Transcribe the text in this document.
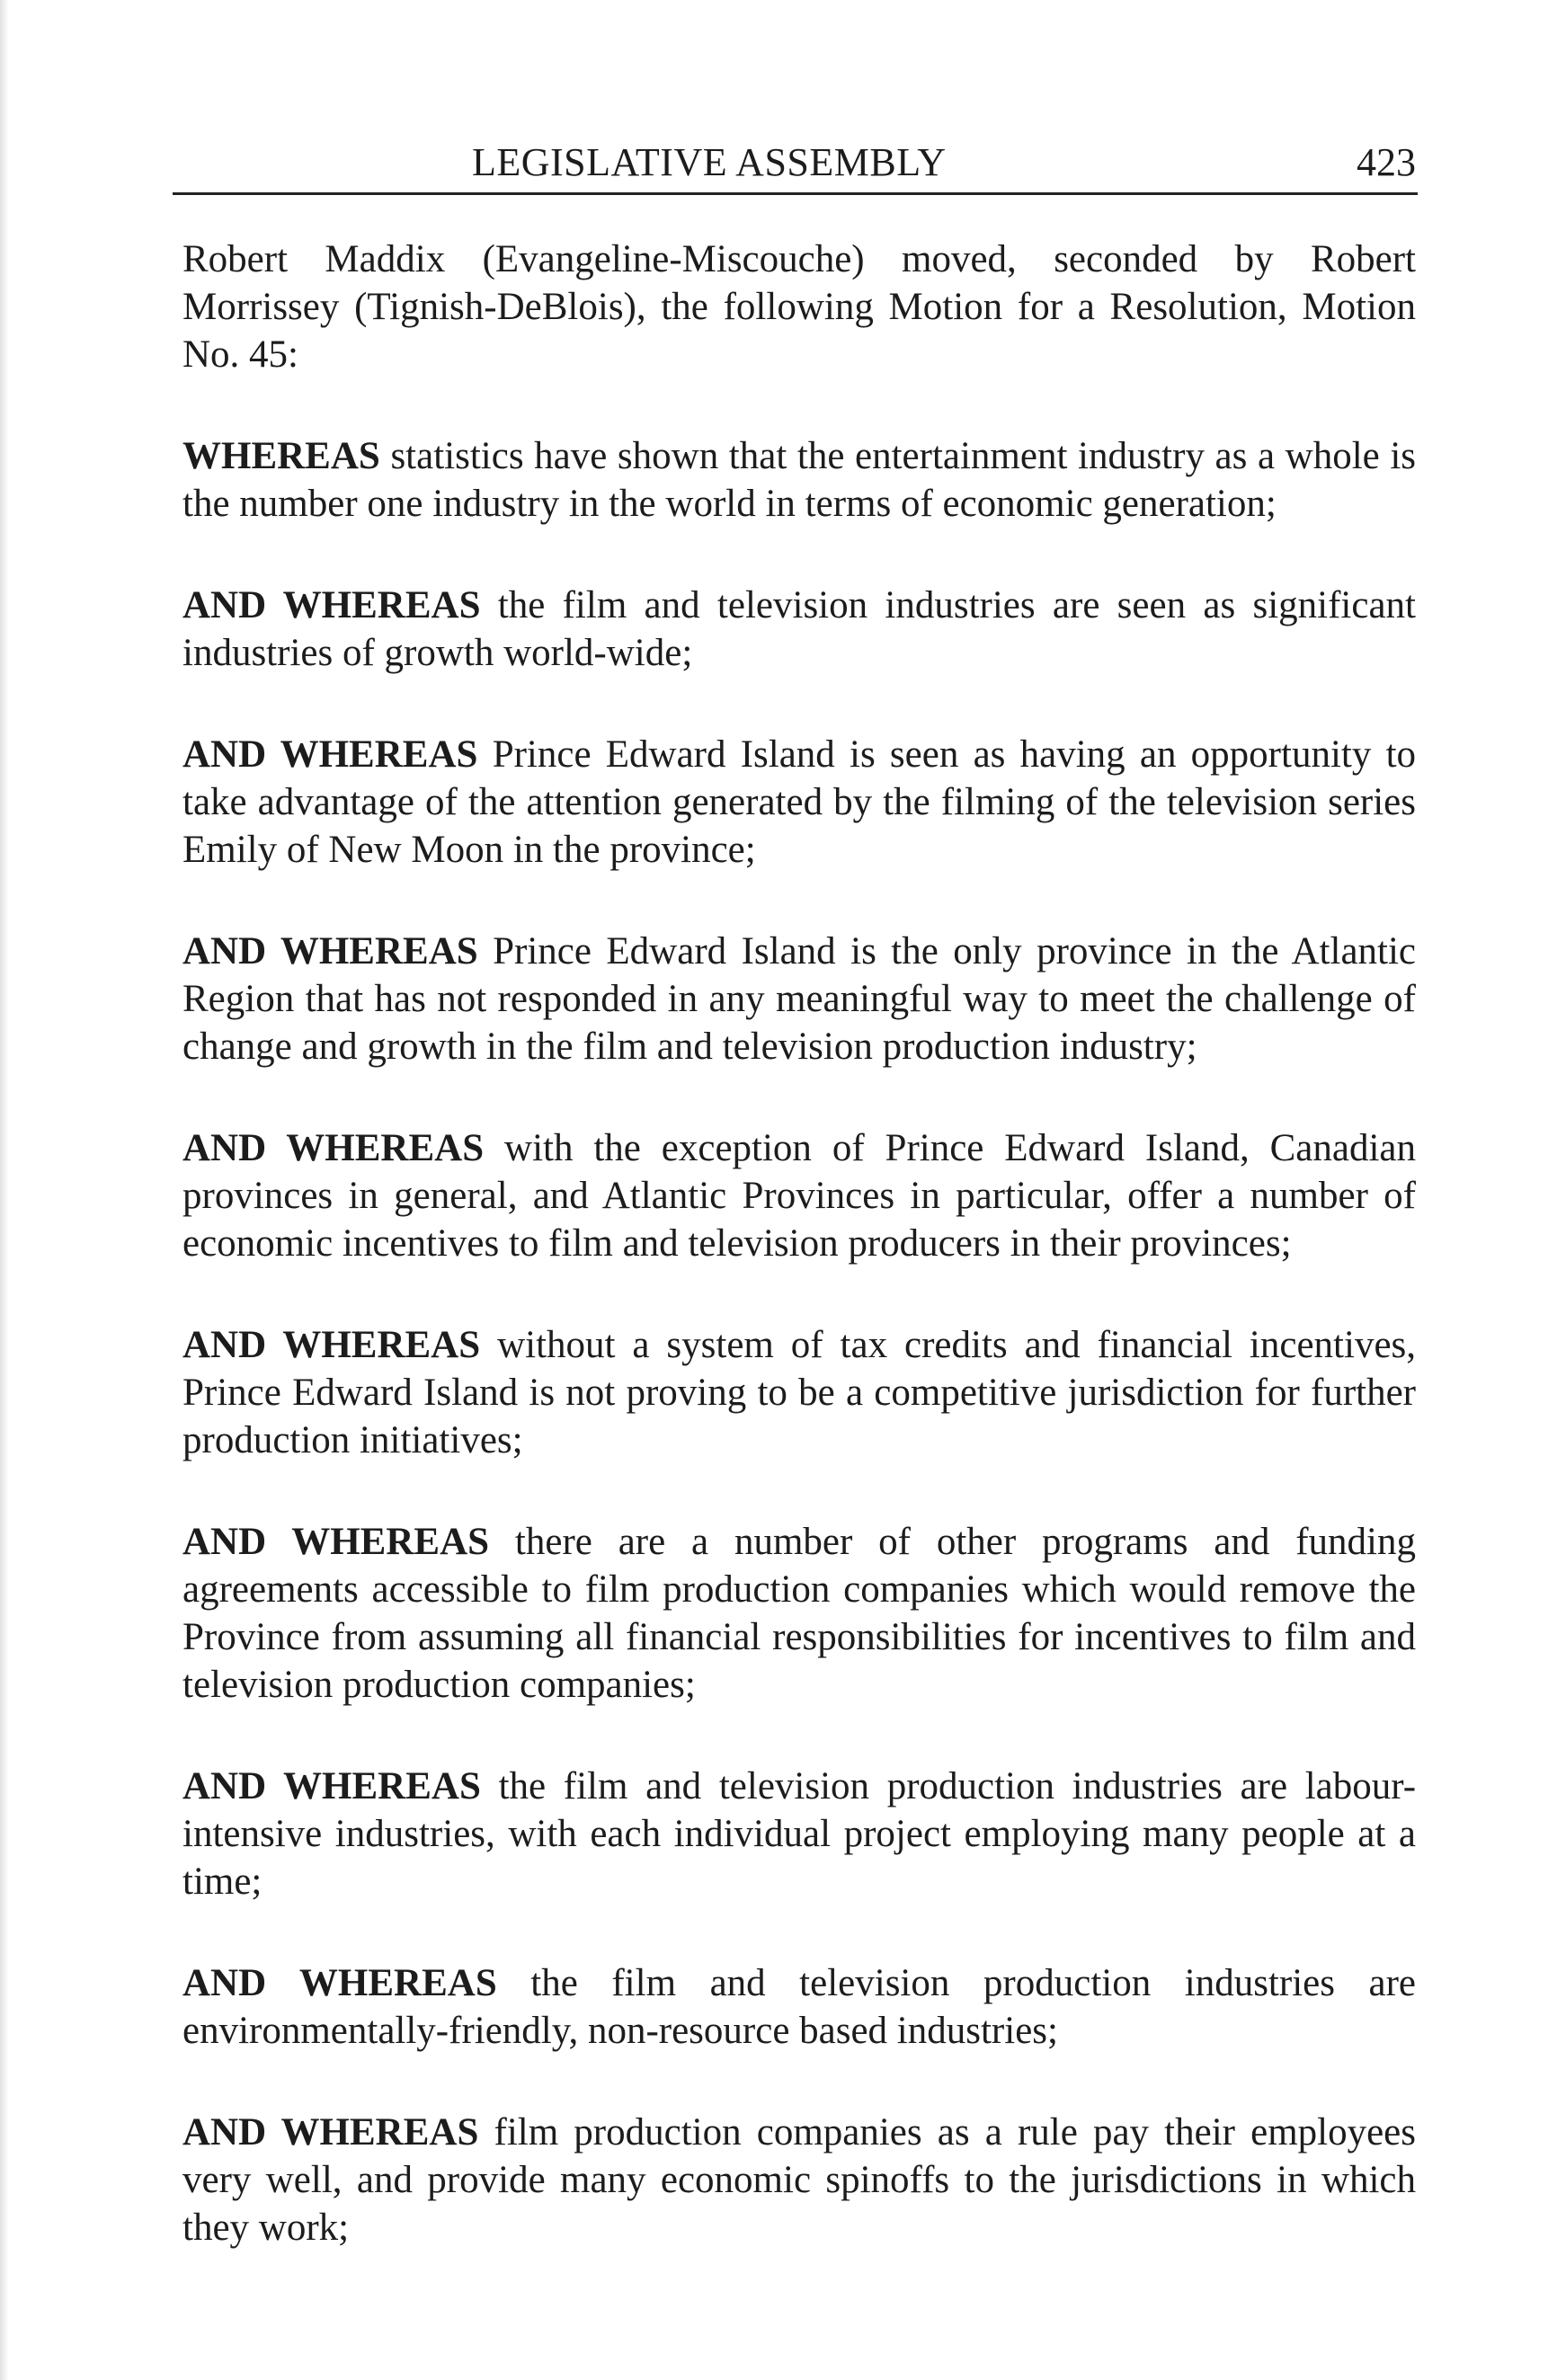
LEGISLATIVE ASSEMBLY	423

Robert Maddix (Evangeline-Miscouche) moved, seconded by Robert Morrissey (Tignish-DeBlois), the following Motion for a Resolution, Motion No. 45:

WHEREAS statistics have shown that the entertainment industry as a whole is the number one industry in the world in terms of economic generation;

AND WHEREAS the film and television industries are seen as significant industries of growth world-wide;

AND WHEREAS Prince Edward Island is seen as having an opportunity to take advantage of the attention generated by the filming of the television series Emily of New Moon in the province;

AND WHEREAS Prince Edward Island is the only province in the Atlantic Region that has not responded in any meaningful way to meet the challenge of change and growth in the film and television production industry;

AND WHEREAS with the exception of Prince Edward Island, Canadian provinces in general, and Atlantic Provinces in particular, offer a number of economic incentives to film and television producers in their provinces;

AND WHEREAS without a system of tax credits and financial incentives, Prince Edward Island is not proving to be a competitive jurisdiction for further production initiatives;

AND WHEREAS there are a number of other programs and funding agreements accessible to film production companies which would remove the Province from assuming all financial responsibilities for incentives to film and television production companies;

AND WHEREAS the film and television production industries are labour-intensive industries, with each individual project employing many people at a time;

AND WHEREAS the film and television production industries are environmentally-friendly, non-resource based industries;

AND WHEREAS film production companies as a rule pay their employees very well, and provide many economic spinoffs to the jurisdictions in which they work;
